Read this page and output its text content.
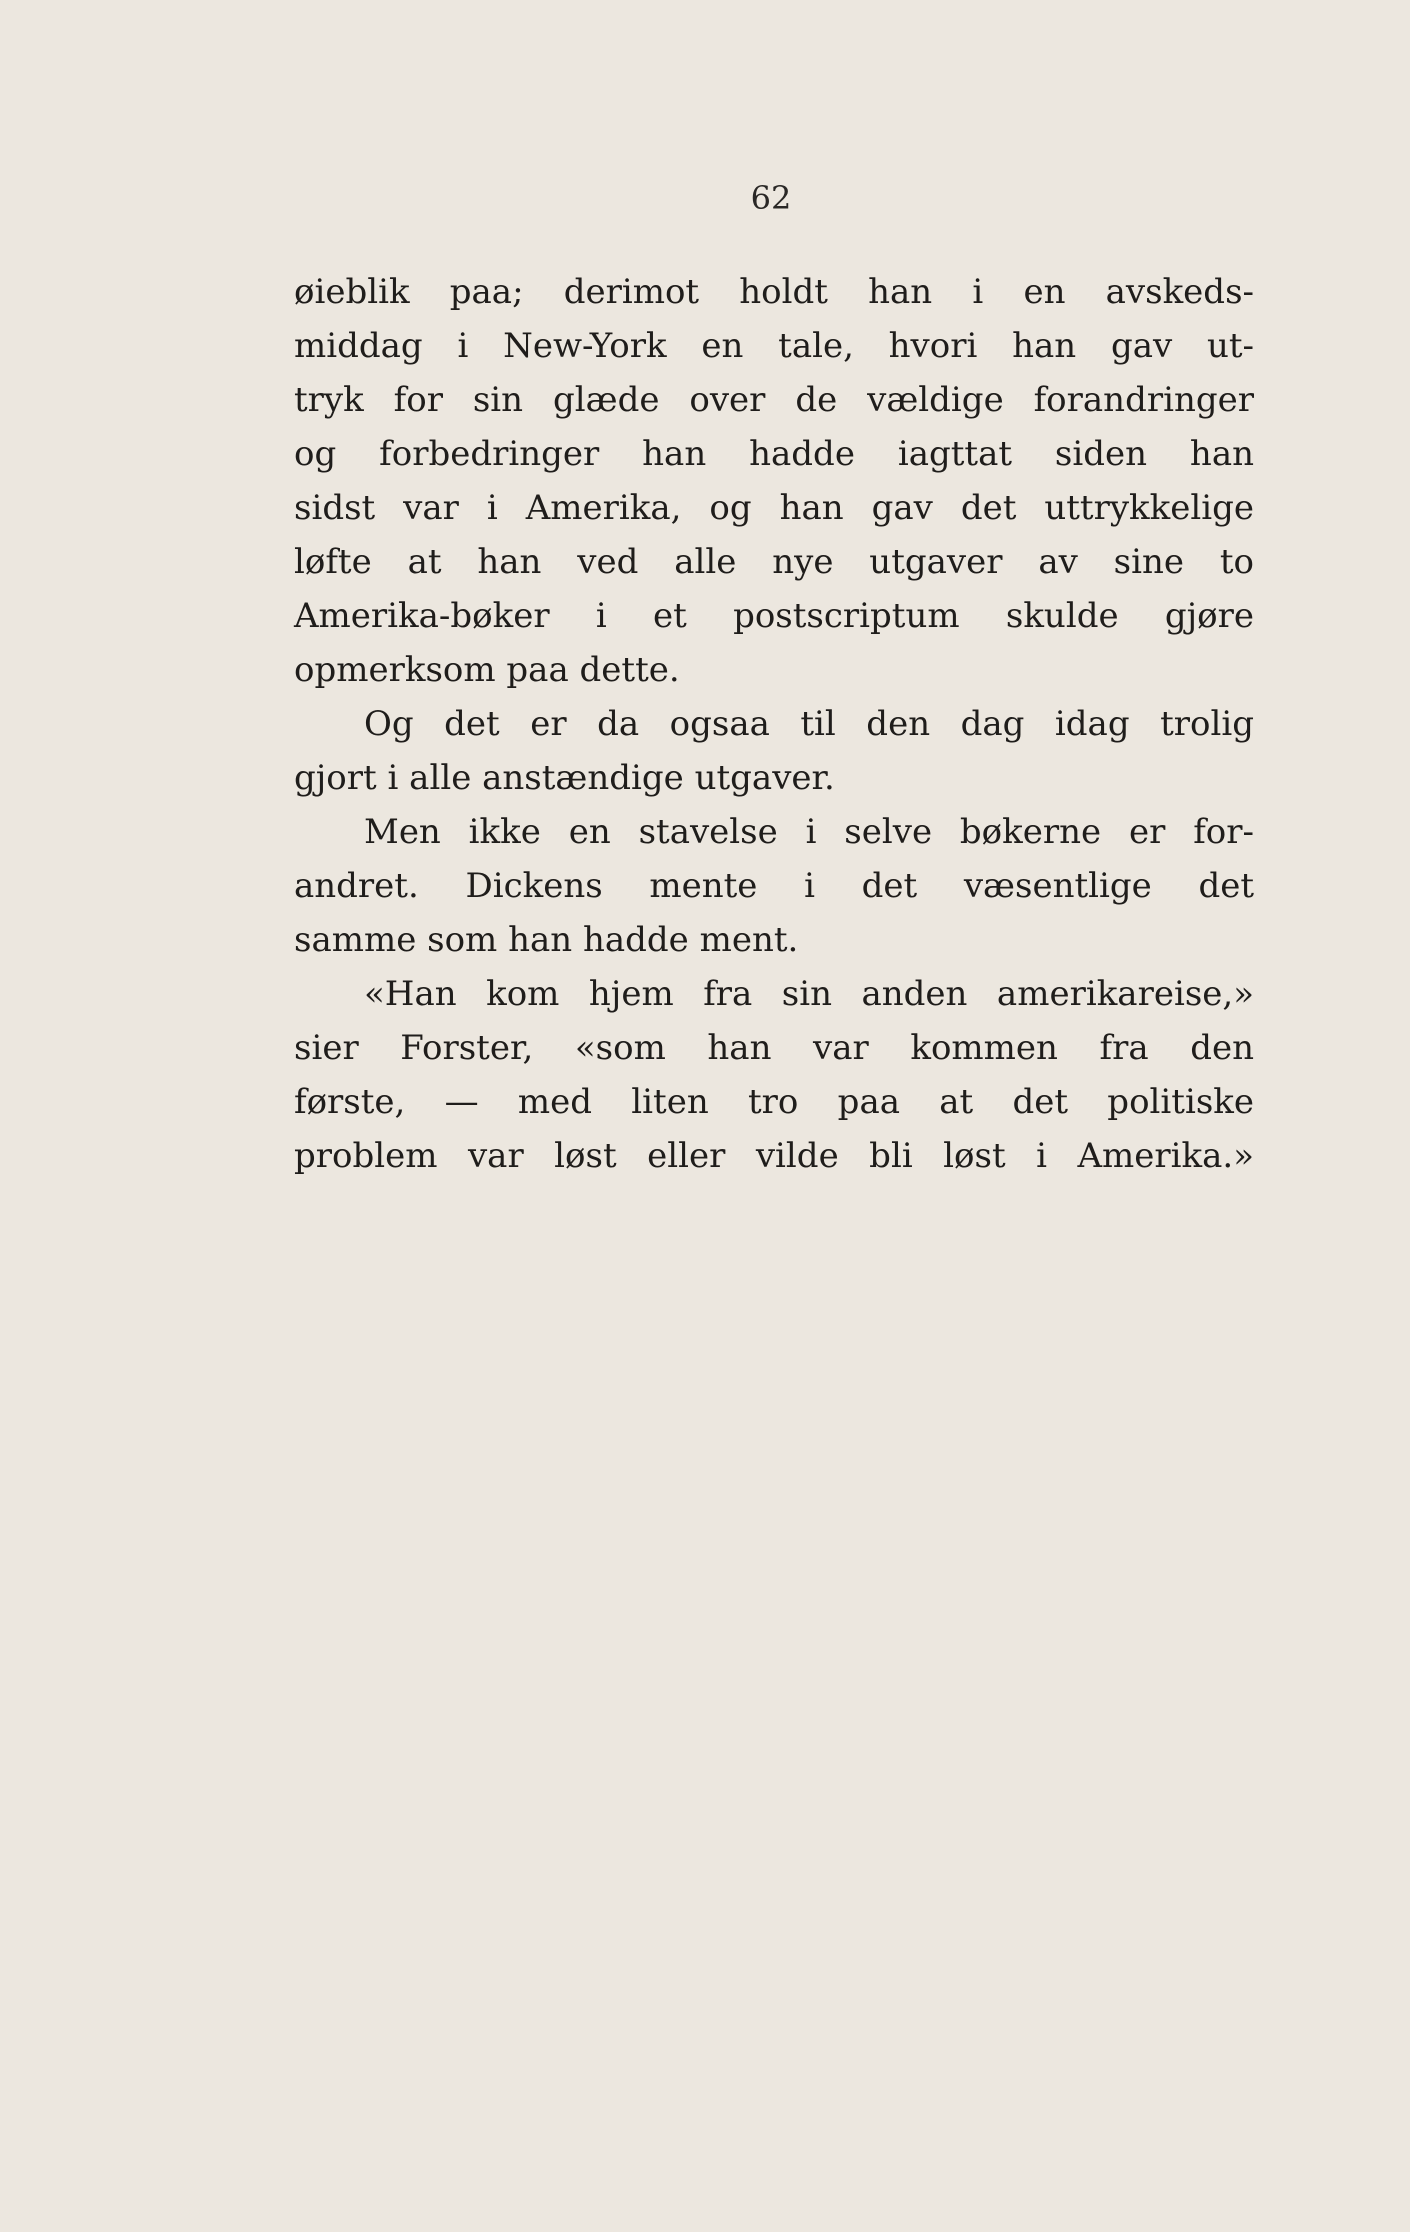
62
øieblik paa; derimot holdt han i en avskeds-
middag i New-York en tale, hvori han gav ut-
tryk for sin glæde over de vældige forandringer
og forbedringer han hadde iagttat siden han
sidst var i Amerika, og han gav det uttrykkelige
løfte at han ved alle nye utgaver av sine to
Amerika-bøker i et postscriptum skulde gjøre
opmerksom paa dette.
Og det er da ogsaa til den dag idag trolig
gjort i alle anstændige utgaver.
Men ikke en stavelse i selve bøkerne er for-
andret. Dickens mente i det væsentlige det
samme som han hadde ment.
«Han kom hjem fra sin anden amerikareise,»
sier Forster, «som han var kommen fra den
første, — med liten tro paa at det politiske
problem var løst eller vilde bli løst i Amerika.»
